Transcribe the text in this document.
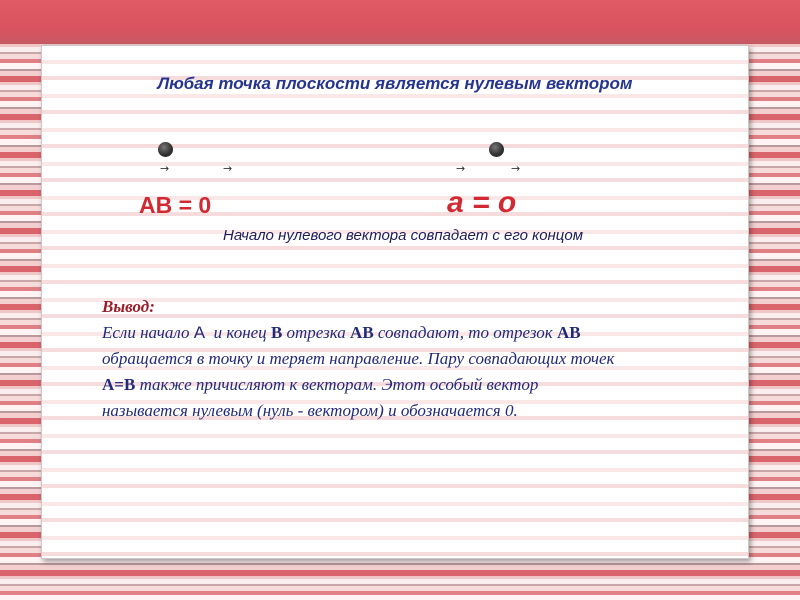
Любая точка плоскости является нулевым вектором
→	→
АВ = 0
→	→
а = о
Начало нулевого вектора совпадает с его концом
Вывод:
Если начало А  и конец В отрезка АВ совпадают, то отрезок АВ
обращается в точку и теряет направление. Пару совпадающих точек
А=В также причисляют к векторам. Этот особый вектор
называется нулевым (нуль - вектором) и обозначается 0.
